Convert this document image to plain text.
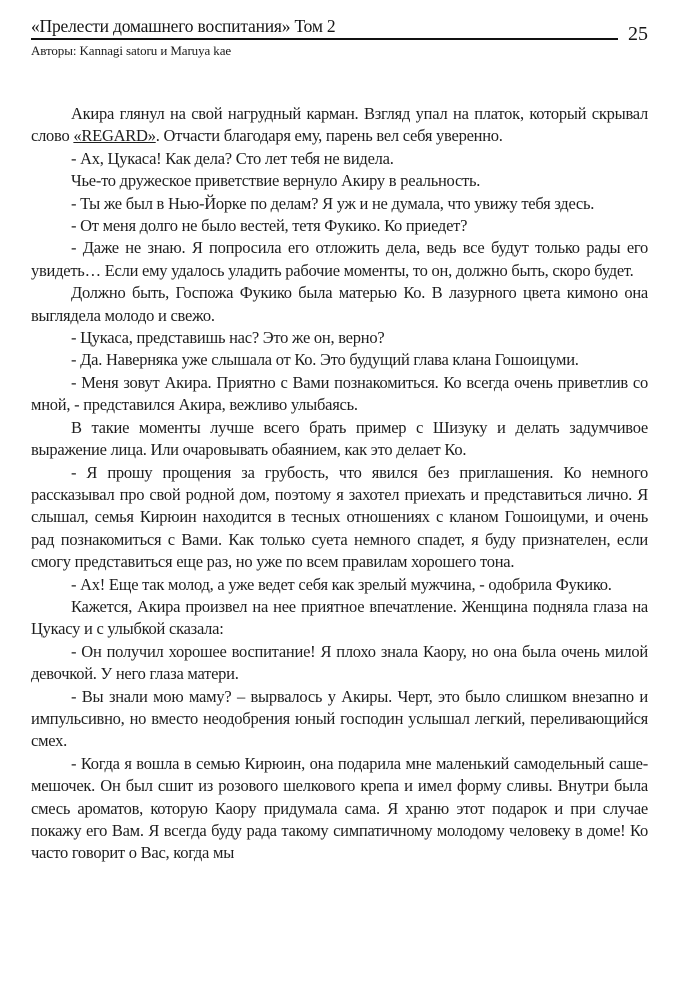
«Прелести домашнего воспитания» Том 2	25
Авторы: Kannagi satoru и Maruya kae

Акира глянул на свой нагрудный карман. Взгляд упал на платок, который скрывал слово «REGARD». Отчасти благодаря ему, парень вел себя уверенно.

- Ах, Цукаса! Как дела? Сто лет тебя не видела.

Чье-то дружеское приветствие вернуло Акиру в реальность.

- Ты же был в Нью-Йорке по делам? Я уж и не думала, что увижу тебя здесь.

- От меня долго не было вестей, тетя Фукико. Ко приедет?

- Даже не знаю. Я попросила его отложить дела, ведь все будут только рады его увидеть… Если ему удалось уладить рабочие моменты, то он, должно быть, скоро будет.

Должно быть, Госпожа Фукико была матерью Ко. В лазурного цвета кимоно она выглядела молодо и свежо.

- Цукаса, представишь нас? Это же он, верно?

- Да. Наверняка уже слышала от Ко. Это будущий глава клана Гошоицуми.

- Меня зовут Акира. Приятно с Вами познакомиться. Ко всегда очень приветлив со мной, - представился Акира, вежливо улыбаясь.

В такие моменты лучше всего брать пример с Шизуку и делать задумчивое выражение лица. Или очаровывать обаянием, как это делает Ко.

- Я прошу прощения за грубость, что явился без приглашения. Ко немного рассказывал про свой родной дом, поэтому я захотел приехать и представиться лично. Я слышал, семья Кирюин находится в тесных отношениях с кланом Гошоицуми, и очень рад познакомиться с Вами. Как только суета немного спадет, я буду признателен, если смогу представиться еще раз, но уже по всем правилам хорошего тона.

- Ах! Еще так молод, а уже ведет себя как зрелый мужчина, - одобрила Фукико.

Кажется, Акира произвел на нее приятное впечатление. Женщина подняла глаза на Цукасу и с улыбкой сказала:

- Он получил хорошее воспитание! Я плохо знала Каору, но она была очень милой девочкой. У него глаза матери.

- Вы знали мою маму? – вырвалось у Акиры. Черт, это было слишком внезапно и импульсивно, но вместо неодобрения юный господин услышал легкий, переливающийся смех.

- Когда я вошла в семью Кирюин, она подарила мне маленький самодельный саше-мешочек. Он был сшит из розового шелкового крепа и имел форму сливы. Внутри была смесь ароматов, которую Каору придумала сама. Я храню этот подарок и при случае покажу его Вам. Я всегда буду рада такому симпатичному молодому человеку в доме! Ко часто говорит о Вас, когда мы
